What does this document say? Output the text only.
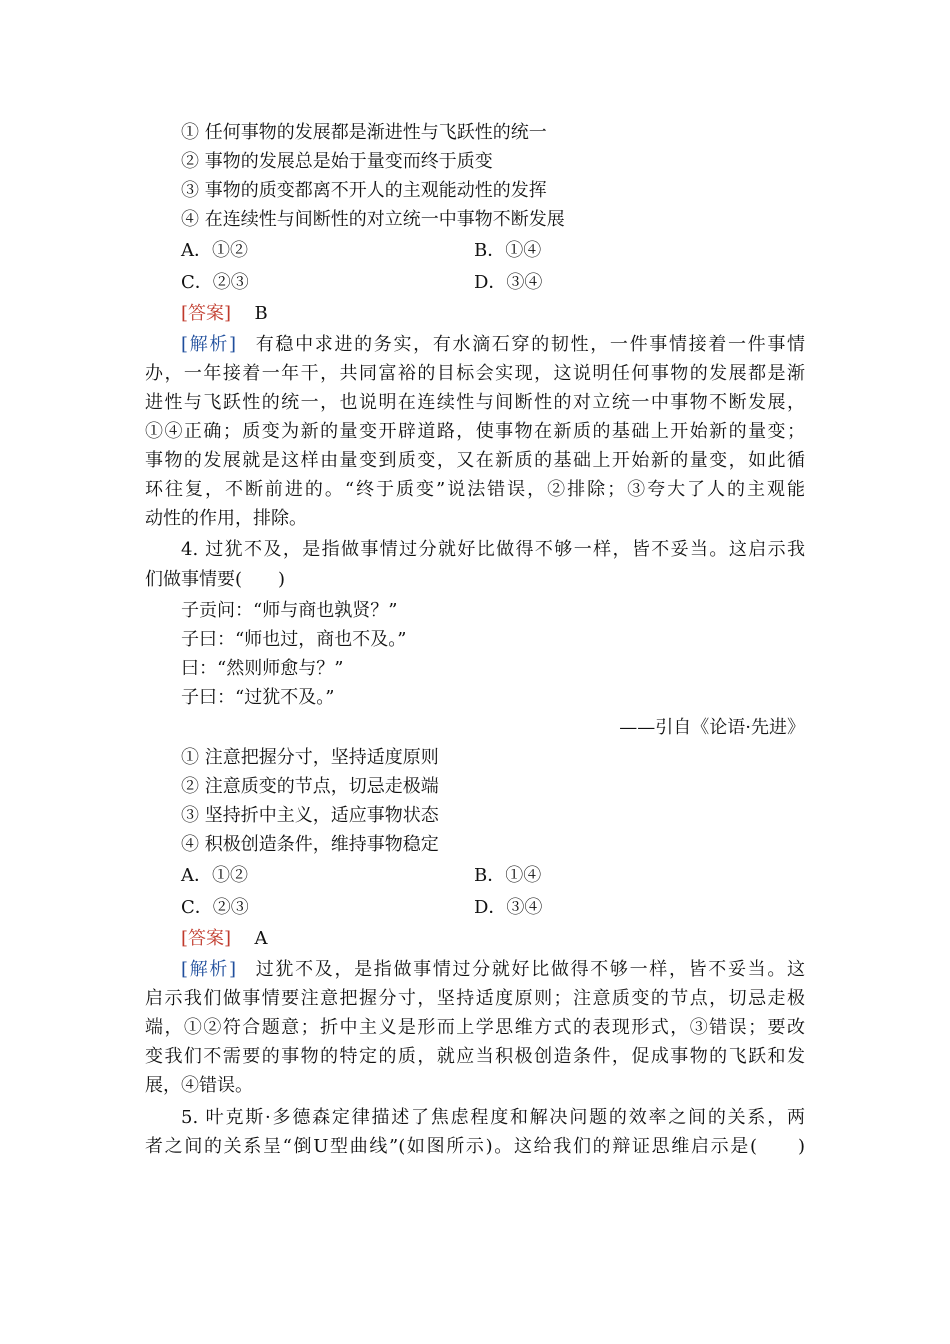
① 任何事物的发展都是渐进性与飞跃性的统一
② 事物的发展总是始于量变而终于质变
③ 事物的质变都离不开人的主观能动性的发挥
④ 在连续性与间断性的对立统一中事物不断发展
A．①②	B．①④
C．②③	D．③④
[答案] B
[解析] 有稳中求进的务实，有水滴石穿的韧性，一件事情接着一件事情
办，一年接着一年干，共同富裕的目标会实现，这说明任何事物的发展都是渐
进性与飞跃性的统一，也说明在连续性与间断性的对立统一中事物不断发展，
①④正确；质变为新的量变开辟道路，使事物在新质的基础上开始新的量变；
事物的发展就是这样由量变到质变，又在新质的基础上开始新的量变，如此循
环往复，不断前进的。“终于质变”说法错误，②排除；③夸大了人的主观能
动性的作用，排除。
4. 过犹不及，是指做事情过分就好比做得不够一样，皆不妥当。这启示我
们做事情要(　　)
子贡问：“师与商也孰贤？”
子曰：“师也过，商也不及。”
曰：“然则师愈与？”
子曰：“过犹不及。”
——引自《论语·先进》
① 注意把握分寸，坚持适度原则
② 注意质变的节点，切忌走极端
③ 坚持折中主义，适应事物状态
④ 积极创造条件，维持事物稳定
A．①②	B．①④
C．②③	D．③④
[答案] A
[解析] 过犹不及，是指做事情过分就好比做得不够一样，皆不妥当。这
启示我们做事情要注意把握分寸，坚持适度原则；注意质变的节点，切忌走极
端，①②符合题意；折中主义是形而上学思维方式的表现形式，③错误；要改
变我们不需要的事物的特定的质，就应当积极创造条件，促成事物的飞跃和发
展，④错误。
5. 叶克斯·多德森定律描述了焦虑程度和解决问题的效率之间的关系，两
者之间的关系呈“倒U型曲线”(如图所示)。这给我们的辩证思维启示是(　　)
